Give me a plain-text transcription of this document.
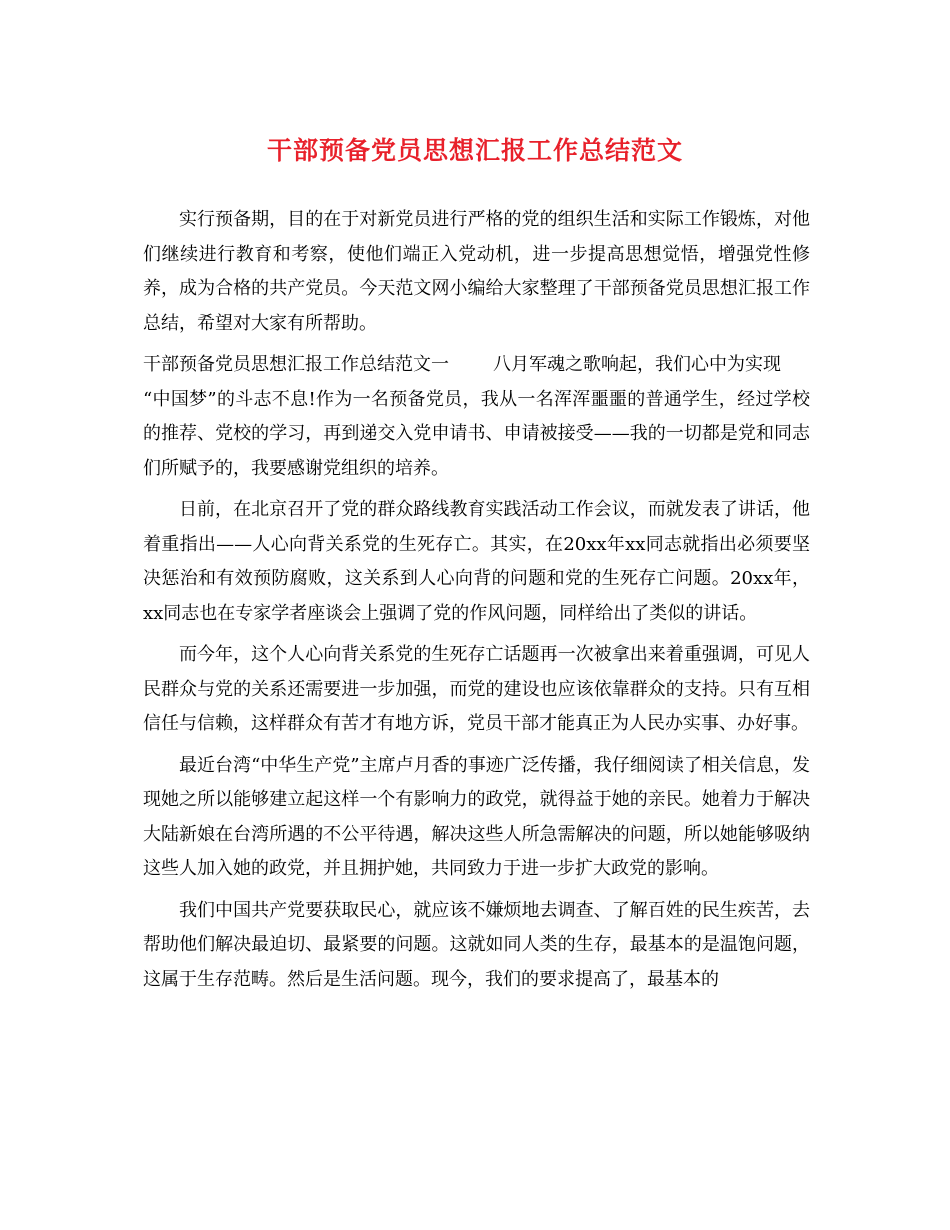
干部预备党员思想汇报工作总结范文

实行预备期，目的在于对新党员进行严格的党的组织生活和实际工作锻炼，对他们继续进行教育和考察，使他们端正入党动机，进一步提高思想觉悟，增强党性修养，成为合格的共产党员。今天范文网小编给大家整理了干部预备党员思想汇报工作总结，希望对大家有所帮助。

干部预备党员思想汇报工作总结范文一 八月军魂之歌响起，我们心中为实现

“中国梦”的斗志不息!作为一名预备党员，我从一名浑浑噩噩的普通学生，经过学校的推荐、党校的学习，再到递交入党申请书、申请被接受——我的一切都是党和同志们所赋予的，我要感谢党组织的培养。

日前，在北京召开了党的群众路线教育实践活动工作会议，而就发表了讲话，他着重指出——人心向背关系党的生死存亡。其实，在20xx年xx同志就指出必须要坚决惩治和有效预防腐败，这关系到人心向背的问题和党的生死存亡问题。20xx年，xx同志也在专家学者座谈会上强调了党的作风问题，同样给出了类似的讲话。

而今年，这个人心向背关系党的生死存亡话题再一次被拿出来着重强调，可见人民群众与党的关系还需要进一步加强，而党的建设也应该依靠群众的支持。只有互相信任与信赖，这样群众有苦才有地方诉，党员干部才能真正为人民办实事、办好事。

最近台湾“中华生产党”主席卢月香的事迹广泛传播，我仔细阅读了相关信息，发现她之所以能够建立起这样一个有影响力的政党，就得益于她的亲民。她着力于解决大陆新娘在台湾所遇的不公平待遇，解决这些人所急需解决的问题，所以她能够吸纳这些人加入她的政党，并且拥护她，共同致力于进一步扩大政党的影响。

我们中国共产党要获取民心，就应该不嫌烦地去调查、了解百姓的民生疾苦，去帮助他们解决最迫切、最紧要的问题。这就如同人类的生存，最基本的是温饱问题，这属于生存范畴。然后是生活问题。现今，我们的要求提高了，最基本的
